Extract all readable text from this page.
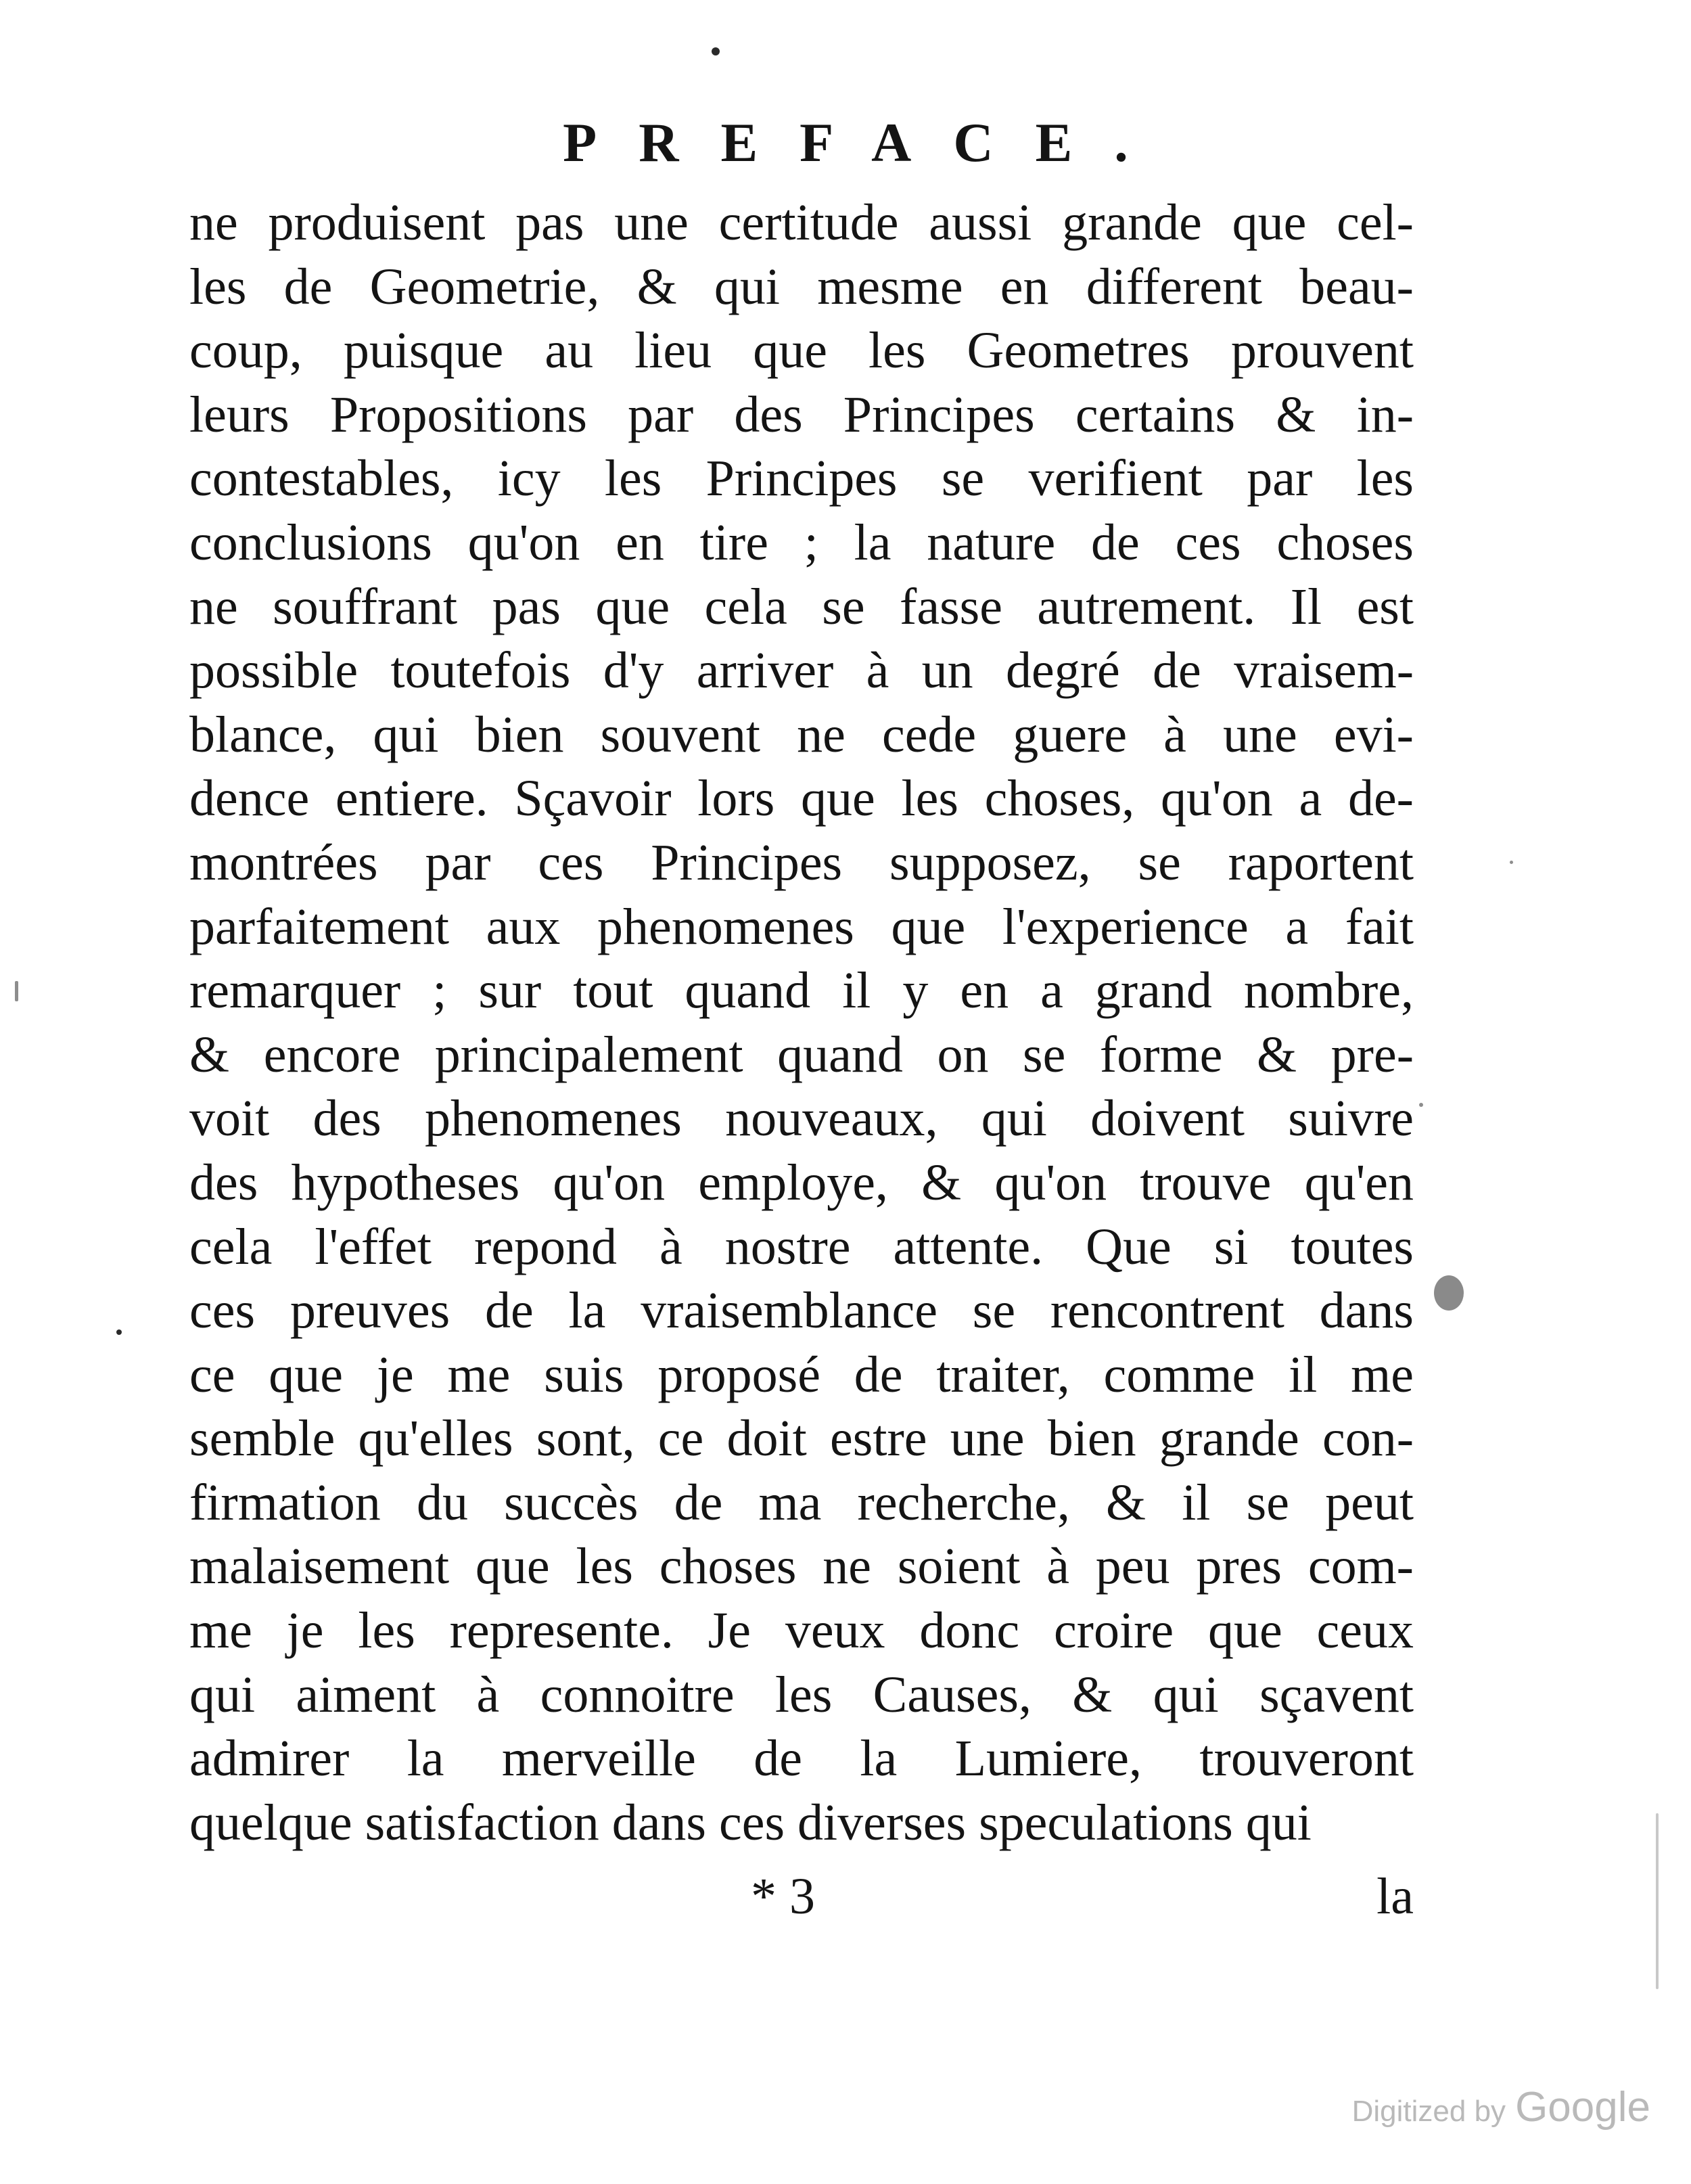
PREFACE.
ne produisent pas une certitude aussi grande que cel-
les de Geometrie, & qui mesme en different beau-
coup, puisque au lieu que les Geometres prouvent
leurs Propositions par des Principes certains & in-
contestables, icy les Principes se verifient par les
conclusions qu'on en tire ; la nature de ces choses
ne souffrant pas que cela se fasse autrement. Il est
possible toutefois d'y arriver à un degré de vraisem-
blance, qui bien souvent ne cede guere à une evi-
dence entiere. Sçavoir lors que les choses, qu'on a de-
montrées par ces Principes supposez, se raportent
parfaitement aux phenomenes que l'experience a fait
remarquer ; sur tout quand il y en a grand nombre,
& encore principalement quand on se forme & pre-
voit des phenomenes nouveaux, qui doivent suivre
des hypotheses qu'on employe, & qu'on trouve qu'en
cela l'effet repond à nostre attente. Que si toutes
ces preuves de la vraisemblance se rencontrent dans
ce que je me suis proposé de traiter, comme il me
semble qu'elles sont, ce doit estre une bien grande con-
firmation du succès de ma recherche, & il se peut
malaisement que les choses ne soient à peu pres com-
me je les represente. Je veux donc croire que ceux
qui aiment à connoitre les Causes, & qui sçavent
admirer la merveille de la Lumiere, trouveront
quelque satisfaction dans ces diverses speculations qui
* 3	la
Digitized by Google
